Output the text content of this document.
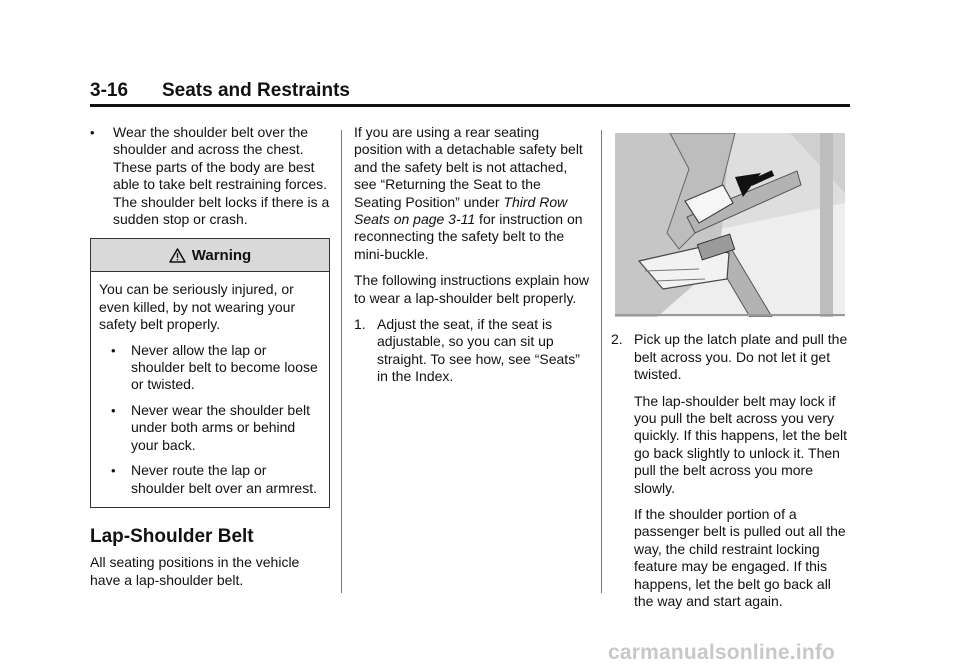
3-16 Seats and Restraints
•	Wear the shoulder belt over the shoulder and across the chest. These parts of the body are best able to take belt restraining forces. The shoulder belt locks if there is a sudden stop or crash.

Warning

You can be seriously injured, or even killed, by not wearing your safety belt properly.

•	Never allow the lap or shoulder belt to become loose or twisted.

•	Never wear the shoulder belt under both arms or behind your back.

•	Never route the lap or shoulder belt over an armrest.

Lap-Shoulder Belt

All seating positions in the vehicle have a lap-shoulder belt.

If you are using a rear seating position with a detachable safety belt and the safety belt is not attached, see “Returning the Seat to the Seating Position” under Third Row Seats on page 3-11 for instruction on reconnecting the safety belt to the mini-buckle.

The following instructions explain how to wear a lap-shoulder belt properly.

1. Adjust the seat, if the seat is adjustable, so you can sit up straight. To see how, see “Seats” in the Index.

2. Pick up the latch plate and pull the belt across you. Do not let it get twisted.

The lap-shoulder belt may lock if you pull the belt across you very quickly. If this happens, let the belt go back slightly to unlock it. Then pull the belt across you more slowly.

If the shoulder portion of a passenger belt is pulled out all the way, the child restraint locking feature may be engaged. If this happens, let the belt go back all the way and start again.

carmanualsonline.info
